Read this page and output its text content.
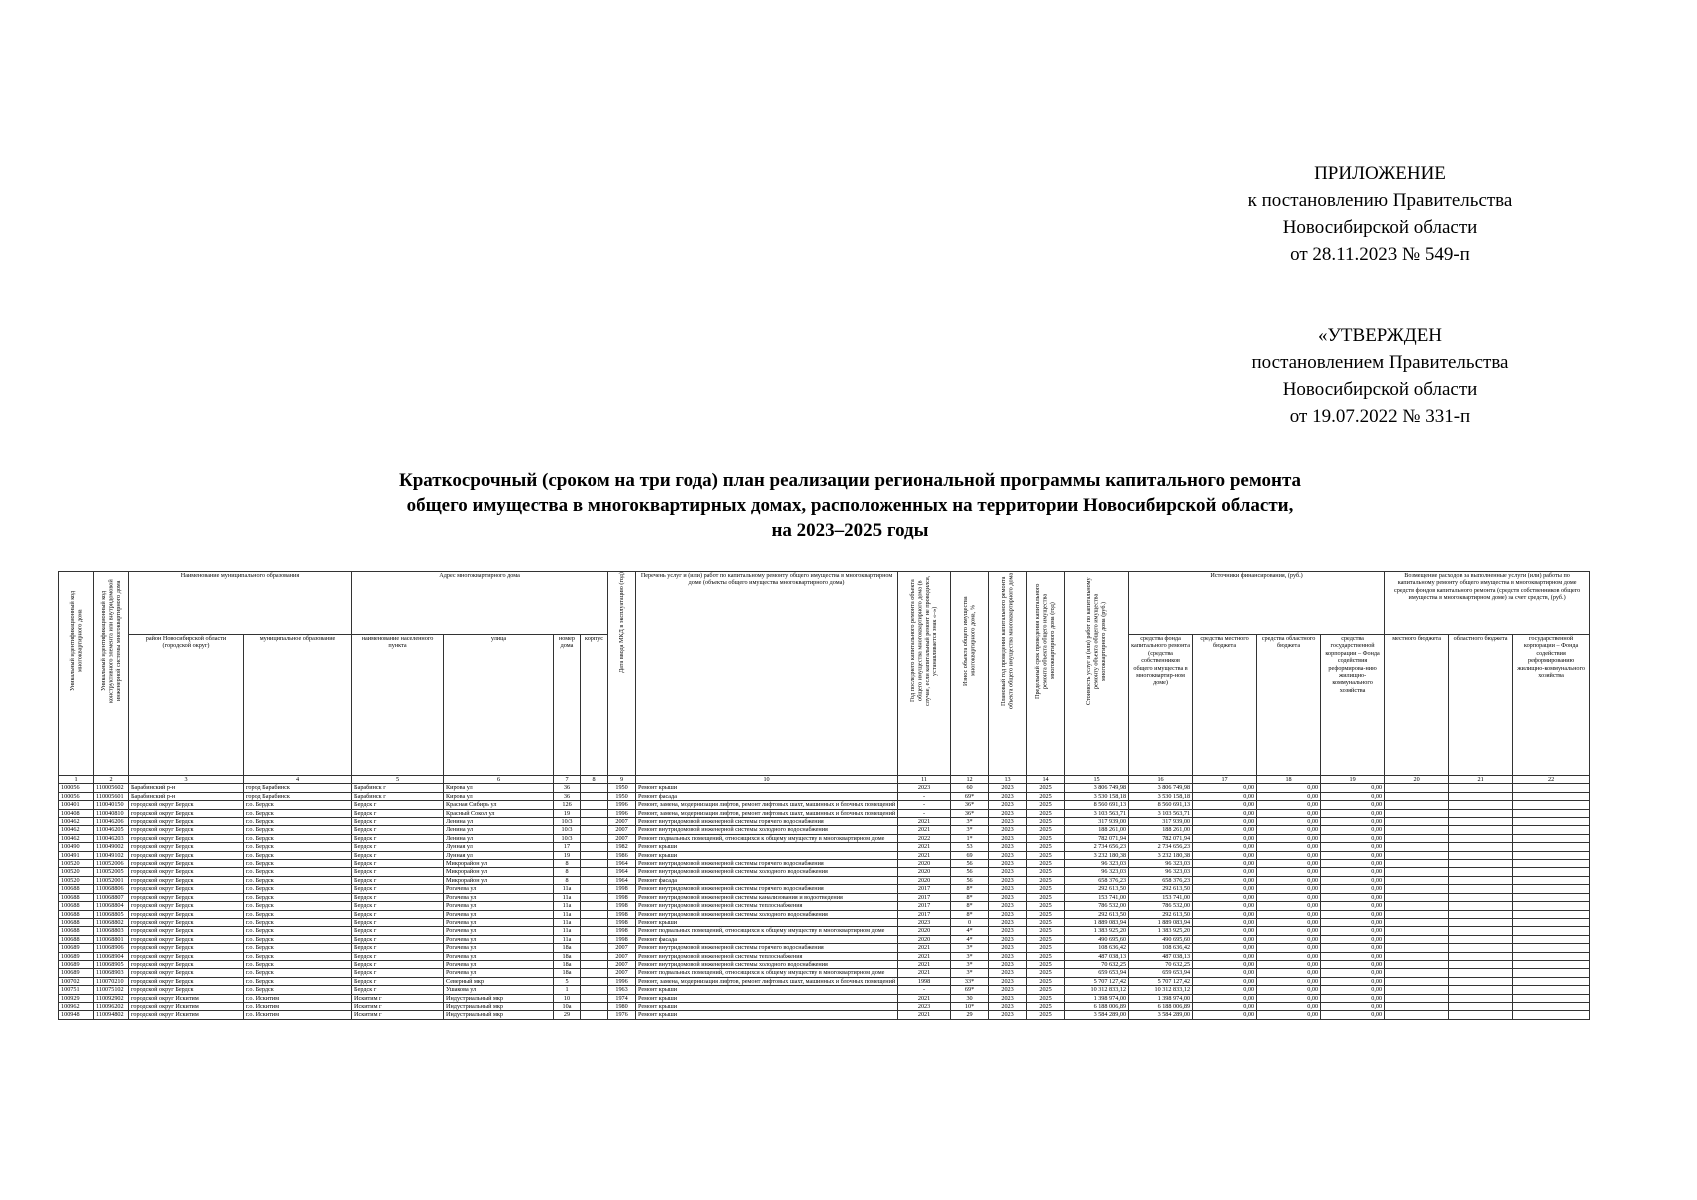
ПРИЛОЖЕНИЕ
к постановлению Правительства
Новосибирской области
от 28.11.2023 № 549-п
«УТВЕРЖДЕН
постановлением Правительства
Новосибирской области
от 19.07.2022 № 331-п
Краткосрочный (сроком на три года) план реализации региональной программы капитального ремонта
общего имущества в многоквартирных домах, расположенных на территории Новосибирской области,
на 2023–2025 годы
Уникальный идентификационный код многоквартирного дома	Уникальный идентификационный код конструктивного элемента или внутридомовой инженерной системы многоквартирного дома	Наименование муниципального образования		Адрес многоквартирного дома				Дата ввода МКД в эксплуатацию (год)	Перечень услуг и (или) работ по капитальному ремонту общего имущества в многоквартирном доме (объекты общего имущества многоквартирного дома)	Год последнего капитального ремонта объекта общего имущества многоквартирного дома (в случае, если капитальный ремонт не проводился, устанавливается знак «–»)	Износ объекта общего имущества многоквартирного дома, %	Плановый год проведения капитального ремонта объекта общего имущества многоквартирного дома	Предельный срок проведения капитального ремонта объекта общего имущества многоквартирного дома (год)	Стоимость услуг и (или) работ по капитальному ремонту объекта общего имущества многоквартирного дома (руб.)	Источники финансирования, (руб.)				Возмещение расходов за выполненные услуги (или) работы по капитальному ремонту общего имущества в многоквартирном доме средств фондов капитального ремонта (средств собственников общего имущества в многоквартирном доме) за счет средств, (руб.)		
		район Новосибирской области (городской округ)	муниципальное образование	наименование населенного пункта	улица	номер дома	корпус								средства фонда капитального ремонта (средства собственников общего имущества в многоквартир-ном доме)	средства местного бюджета	средства областного бюджета	средства государственной корпорации – Фонда содействия реформирова-нию жилищно-коммунального хозяйства	местного бюджета	областного бюджета	государственной корпорации – Фонда содействия реформированию жилищно-коммунального хозяйства
1	2	3	4	5	6	7	8	9	10	11	12	13	14	15	16	17	18	19	20	21	22
100056	110005602	Барабинский р-н	город Барабинск	Барабинск г	Кирова ул	36		1950	Ремонт крыши	2023	60	2023	2025	3 806 749,98	3 806 749,98	0,00	0,00	0,00			
100056	110005601	Барабинский р-н	город Барабинск	Барабинск г	Кирова ул	36		1950	Ремонт фасада	-	69*	2023	2025	3 530 158,18	3 530 158,18	0,00	0,00	0,00			
100401	110040150	городской округ Бердск	г.о. Бердск	Бердск г	Красная Сибирь ул	126		1996	Ремонт, замена, модернизация лифтов, ремонт лифтовых шахт, машинных и блочных помещений	-	36*	2023	2025	8 560 691,13	8 560 691,13	0,00	0,00	0,00			
100408	110040810	городской округ Бердск	г.о. Бердск	Бердск г	Красный Сокол ул	19		1996	Ремонт, замена, модернизация лифтов, ремонт лифтовых шахт, машинных и блочных помещений	-	36*	2023	2025	3 103 563,71	3 103 563,71	0,00	0,00	0,00			
100462	110046206	городской округ Бердск	г.о. Бердск	Бердск г	Ленина ул	10/3		2007	Ремонт внутридомовой инженерной системы горячего водоснабжения	2021	3*	2023	2025	317 939,00	317 939,00	0,00	0,00	0,00			
100462	110046205	городской округ Бердск	г.о. Бердск	Бердск г	Ленина ул	10/3		2007	Ремонт внутридомовой инженерной системы холодного водоснабжения	2021	3*	2023	2025	188 261,00	188 261,00	0,00	0,00	0,00			
100462	110046203	городской округ Бердск	г.о. Бердск	Бердск г	Ленина ул	10/3		2007	Ремонт подвальных помещений, относящихся к общему имуществу в многоквартирном доме	2022	1*	2023	2025	782 071,94	782 071,94	0,00	0,00	0,00			
100490	110049002	городской округ Бердск	г.о. Бердск	Бердск г	Лунная ул	17		1982	Ремонт крыши	2021	53	2023	2025	2 734 656,23	2 734 656,23	0,00	0,00	0,00			
100491	110049102	городской округ Бердск	г.о. Бердск	Бердск г	Лунная ул	19		1986	Ремонт крыши	2021	69	2023	2025	3 232 180,38	3 232 180,38	0,00	0,00	0,00			
100520	110052006	городской округ Бердск	г.о. Бердск	Бердск г	Микрорайон ул	8		1964	Ремонт внутридомовой инженерной системы горячего водоснабжения	2020	56	2023	2025	96 323,03	96 323,03	0,00	0,00	0,00			
100520	110052005	городской округ Бердск	г.о. Бердск	Бердск г	Микрорайон ул	8		1964	Ремонт внутридомовой инженерной системы холодного водоснабжения	2020	56	2023	2025	96 323,03	96 323,03	0,00	0,00	0,00			
100520	110052001	городской округ Бердск	г.о. Бердск	Бердск г	Микрорайон ул	8		1964	Ремонт фасада	2020	56	2023	2025	658 376,23	658 376,23	0,00	0,00	0,00			
100688	110068806	городской округ Бердск	г.о. Бердск	Бердск г	Рогачева ул	11а		1998	Ремонт внутридомовой инженерной системы горячего водоснабжения	2017	8*	2023	2025	292 613,50	292 613,50	0,00	0,00	0,00			
100688	110068807	городской округ Бердск	г.о. Бердск	Бердск г	Рогачева ул	11а		1998	Ремонт внутридомовой инженерной системы канализования и водоотведения	2017	8*	2023	2025	153 741,00	153 741,00	0,00	0,00	0,00			
100688	110068804	городской округ Бердск	г.о. Бердск	Бердск г	Рогачева ул	11а		1998	Ремонт внутридомовой инженерной системы теплоснабжения	2017	8*	2023	2025	786 532,00	786 532,00	0,00	0,00	0,00			
100688	110068805	городской округ Бердск	г.о. Бердск	Бердск г	Рогачева ул	11а		1998	Ремонт внутридомовой инженерной системы холодного водоснабжения	2017	8*	2023	2025	292 613,50	292 613,50	0,00	0,00	0,00			
100688	110068802	городской округ Бердск	г.о. Бердск	Бердск г	Рогачева ул	11а		1998	Ремонт крыши	2023	0	2023	2025	1 889 083,94	1 889 083,94	0,00	0,00	0,00			
100688	110068803	городской округ Бердск	г.о. Бердск	Бердск г	Рогачева ул	11а		1998	Ремонт подвальных помещений, относящихся к общему имуществу в многоквартирном доме	2020	4*	2023	2025	1 383 925,20	1 383 925,20	0,00	0,00	0,00			
100688	110068801	городской округ Бердск	г.о. Бердск	Бердск г	Рогачева ул	11а		1998	Ремонт фасада	2020	4*	2023	2025	490 695,60	490 695,60	0,00	0,00	0,00			
100689	110068906	городской округ Бердск	г.о. Бердск	Бердск г	Рогачева ул	18а		2007	Ремонт внутридомовой инженерной системы горячего водоснабжения	2021	3*	2023	2025	108 636,42	108 636,42	0,00	0,00	0,00			
100689	110068904	городской округ Бердск	г.о. Бердск	Бердск г	Рогачева ул	18а		2007	Ремонт внутридомовой инженерной системы теплоснабжения	2021	3*	2023	2025	487 038,13	487 038,13	0,00	0,00	0,00			
100689	110068905	городской округ Бердск	г.о. Бердск	Бердск г	Рогачева ул	18а		2007	Ремонт внутридомовой инженерной системы холодного водоснабжения	2021	3*	2023	2025	70 632,25	70 632,25	0,00	0,00	0,00			
100689	110068903	городской округ Бердск	г.о. Бердск	Бердск г	Рогачева ул	18а		2007	Ремонт подвальных помещений, относящихся к общему имуществу в многоквартирном доме	2021	3*	2023	2025	659 653,94	659 653,94	0,00	0,00	0,00			
100702	110070210	городской округ Бердск	г.о. Бердск	Бердск г	Северный мкр	5		1996	Ремонт, замена, модернизация лифтов, ремонт лифтовых шахт, машинных и блочных помещений	1998	33*	2023	2025	5 707 127,42	5 707 127,42	0,00	0,00	0,00			
100751	110075102	городской округ Бердск	г.о. Бердск	Бердск г	Ушакова ул	1		1963	Ремонт крыши	-	69*	2023	2025	10 312 833,12	10 312 833,12	0,00	0,00	0,00			
100929	110092902	городской округ Искитим	г.о. Искитим	Искитим г	Индустриальный мкр	10		1974	Ремонт крыши	2021	30	2023	2025	1 398 974,00	1 398 974,00	0,00	0,00	0,00			
100962	110096202	городской округ Искитим	г.о. Искитим	Искитим г	Индустриальный мкр	10а		1980	Ремонт крыши	2023	10*	2023	2025	6 188 006,89	6 188 006,89	0,00	0,00	0,00			
100948	110094802	городской округ Искитим	г.о. Искитим	Искитим г	Индустриальный мкр	29		1976	Ремонт крыши	2021	29	2023	2025	3 584 289,00	3 584 289,00	0,00	0,00	0,00			
